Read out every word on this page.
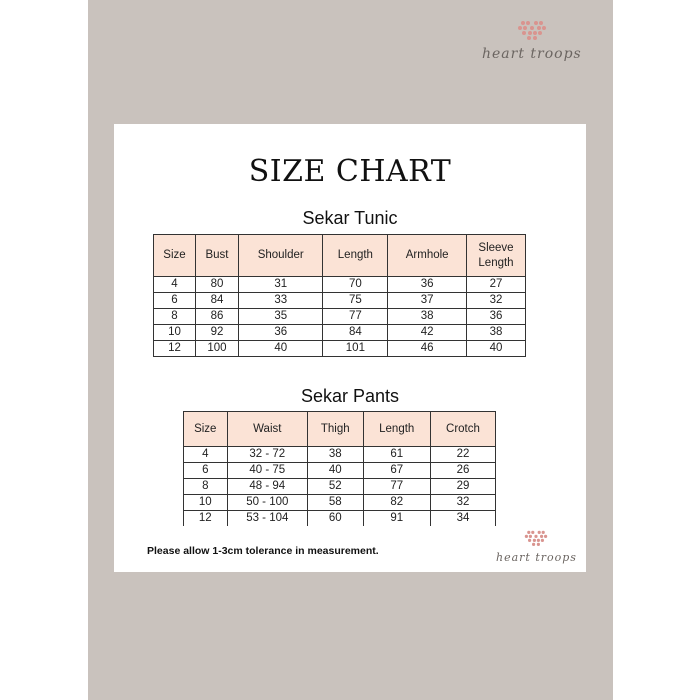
heart troops
SIZE CHART
Sekar Tunic
Size	Bust	Shoulder	Length	Armhole	Sleeve Length
4	80	31	70	36	27
6	84	33	75	37	32
8	86	35	77	38	36
10	92	36	84	42	38
12	100	40	101	46	40
Sekar Pants
Size	Waist	Thigh	Length	Crotch
4	32 - 72	38	61	22
6	40 - 75	40	67	26
8	48 - 94	52	77	29
10	50 - 100	58	82	32
12	53 - 104	60	91	34
Please allow 1-3cm tolerance in measurement.	heart troops
